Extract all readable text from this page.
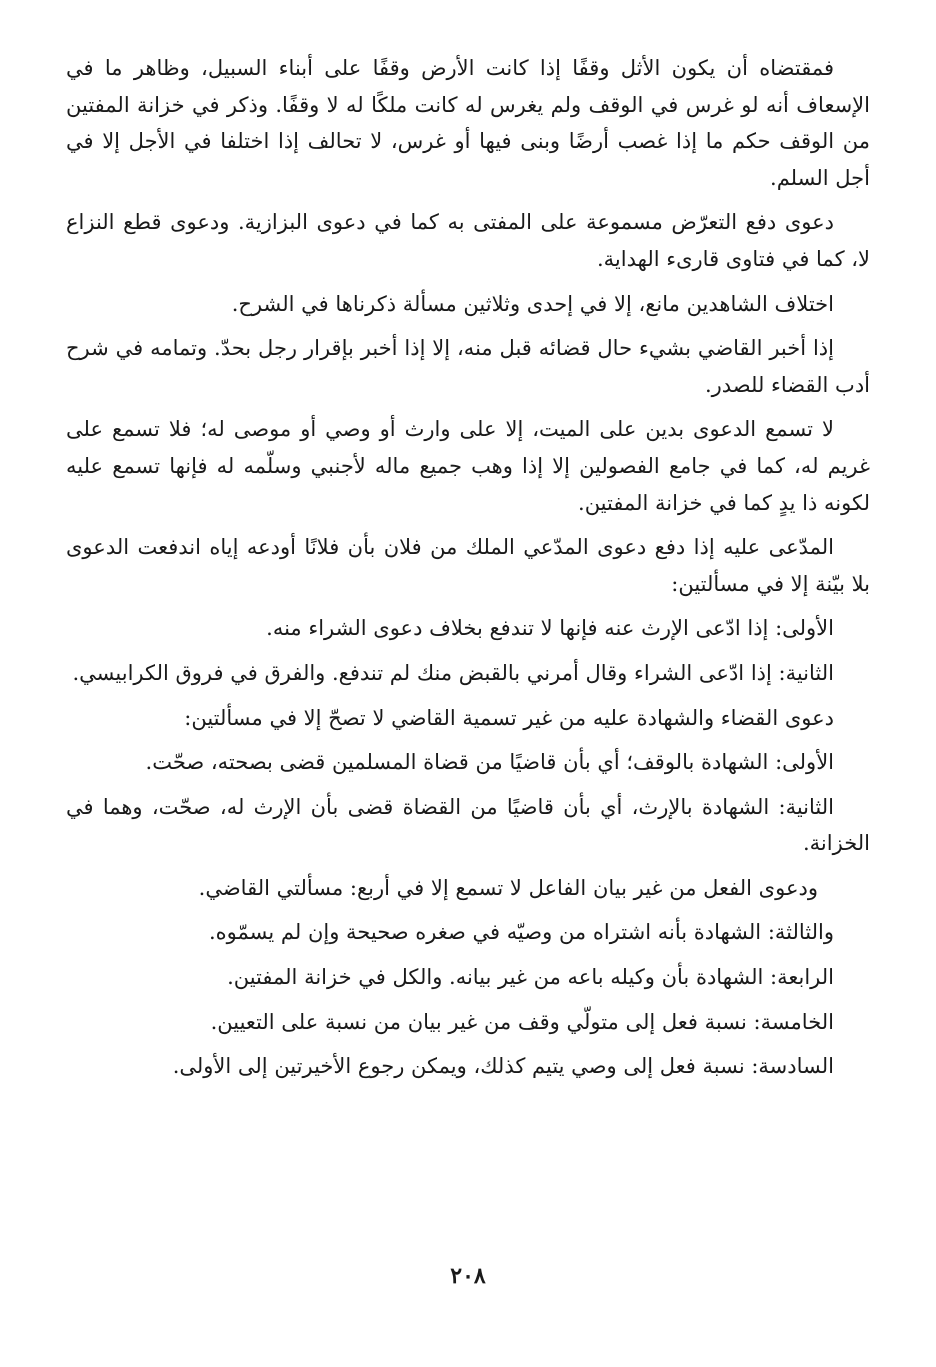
فمقتضاه أن يكون الأثل وقفًا إذا كانت الأرض وقفًا على أبناء السبيل، وظاهر ما في الإسعاف أنه لو غرس في الوقف ولم يغرس له كانت ملكًا له لا وقفًا. وذكر في خزانة المفتين من الوقف حكم ما إذا غصب أرضًا وبنى فيها أو غرس، لا تحالف إذا اختلفا في الأجل إلا في أجل السلم.

دعوى دفع التعرّض مسموعة على المفتى به كما في دعوى البزازية. ودعوى قطع النزاع لا، كما في فتاوى قارىء الهداية.

اختلاف الشاهدين مانع، إلا في إحدى وثلاثين مسألة ذكرناها في الشرح.

إذا أخبر القاضي بشيء حال قضائه قبل منه، إلا إذا أخبر بإقرار رجل بحدّ. وتمامه في شرح أدب القضاء للصدر.

لا تسمع الدعوى بدين على الميت، إلا على وارث أو وصي أو موصى له؛ فلا تسمع على غريم له، كما في جامع الفصولين إلا إذا وهب جميع ماله لأجنبي وسلّمه له فإنها تسمع عليه لكونه ذا يدٍ كما في خزانة المفتين.

المدّعى عليه إذا دفع دعوى المدّعي الملك من فلان بأن فلانًا أودعه إياه اندفعت الدعوى بلا بيّنة إلا في مسألتين:

الأولى: إذا ادّعى الإرث عنه فإنها لا تندفع بخلاف دعوى الشراء منه.

الثانية: إذا ادّعى الشراء وقال أمرني بالقبض منك لم تندفع. والفرق في فروق الكرابيسي.

دعوى القضاء والشهادة عليه من غير تسمية القاضي لا تصحّ إلا في مسألتين:

الأولى: الشهادة بالوقف؛ أي بأن قاضيًا من قضاة المسلمين قضى بصحته، صحّت.

الثانية: الشهادة بالإرث، أي بأن قاضيًا من القضاة قضى بأن الإرث له، صحّت، وهما في الخزانة.

ودعوى الفعل من غير بيان الفاعل لا تسمع إلا في أربع: مسألتي القاضي.

والثالثة: الشهادة بأنه اشتراه من وصيّه في صغره صحيحة وإن لم يسمّوه.

الرابعة: الشهادة بأن وكيله باعه من غير بيانه. والكل في خزانة المفتين.

الخامسة: نسبة فعل إلى متولّي وقف من غير بيان من نسبة على التعيين.

السادسة: نسبة فعل إلى وصي يتيم كذلك، ويمكن رجوع الأخيرتين إلى الأولى.

٢٠٨
